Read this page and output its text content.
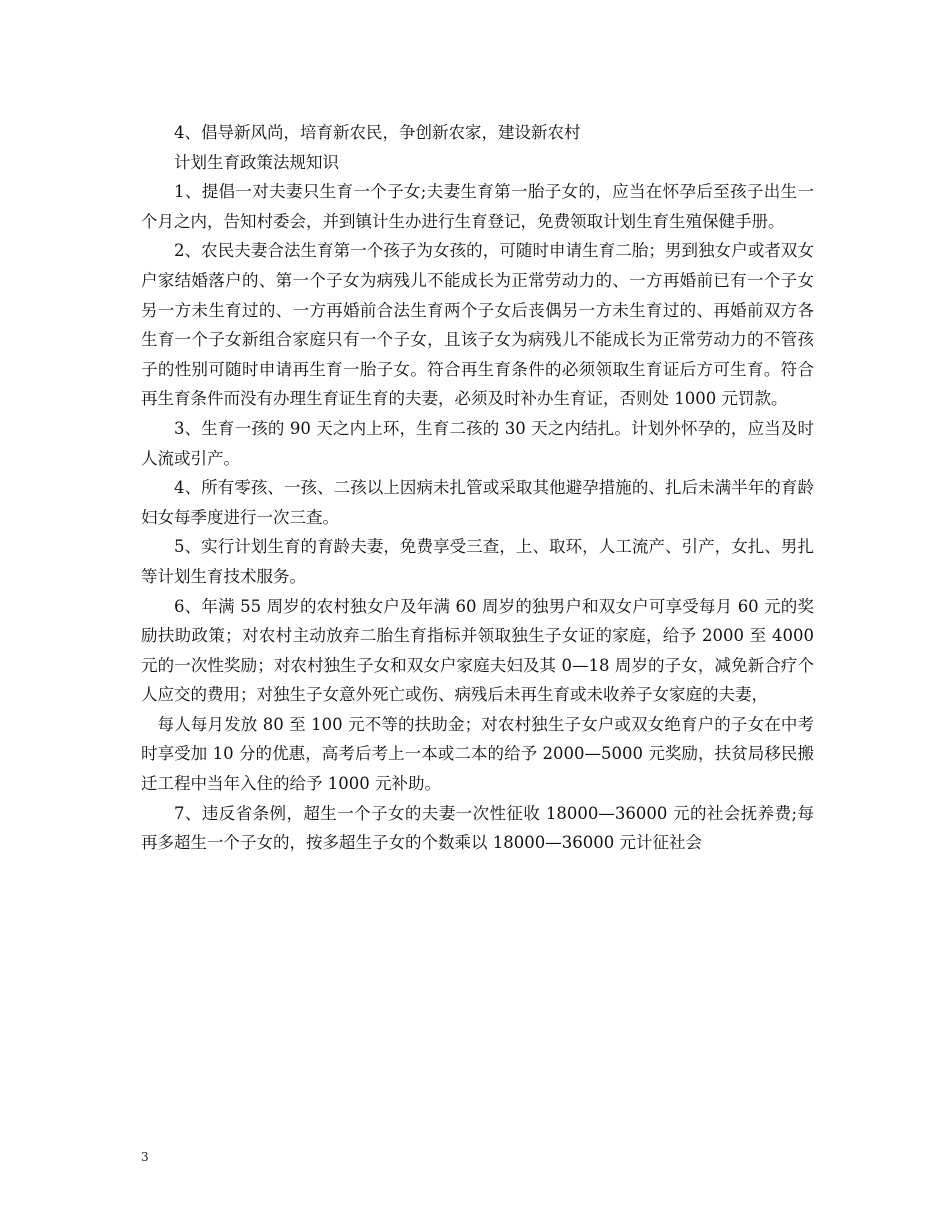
4、倡导新风尚，培育新农民，争创新农家，建设新农村

计划生育政策法规知识

1、提倡一对夫妻只生育一个子女;夫妻生育第一胎子女的，应当在怀孕后至孩子出生一个月之内，告知村委会，并到镇计生办进行生育登记，免费领取计划生育生殖保健手册。

2、农民夫妻合法生育第一个孩子为女孩的，可随时申请生育二胎；男到独女户或者双女户家结婚落户的、第一个子女为病残儿不能成长为正常劳动力的、一方再婚前已有一个子女另一方未生育过的、一方再婚前合法生育两个子女后丧偶另一方未生育过的、再婚前双方各生育一个子女新组合家庭只有一个子女，且该子女为病残儿不能成长为正常劳动力的不管孩子的性别可随时申请再生育一胎子女。符合再生育条件的必须领取生育证后方可生育。符合再生育条件而没有办理生育证生育的夫妻，必须及时补办生育证，否则处 1000 元罚款。

3、生育一孩的 90 天之内上环，生育二孩的 30 天之内结扎。计划外怀孕的，应当及时人流或引产。

4、所有零孩、一孩、二孩以上因病未扎管或采取其他避孕措施的、扎后未满半年的育龄妇女每季度进行一次三查。

5、实行计划生育的育龄夫妻，免费享受三查，上、取环，人工流产、引产，女扎、男扎等计划生育技术服务。

6、年满 55 周岁的农村独女户及年满 60 周岁的独男户和双女户可享受每月 60 元的奖励扶助政策；对农村主动放弃二胎生育指标并领取独生子女证的家庭，给予 2000 至 4000 元的一次性奖励；对农村独生子女和双女户家庭夫妇及其 0—18 周岁的子女，减免新合疗个人应交的费用；对独生子女意外死亡或伤、病残后未再生育或未收养子女家庭的夫妻，

每人每月发放 80 至 100 元不等的扶助金；对农村独生子女户或双女绝育户的子女在中考时享受加 10 分的优惠，高考后考上一本或二本的给予 2000—5000 元奖励，扶贫局移民搬迁工程中当年入住的给予 1000 元补助。

7、违反省条例，超生一个子女的夫妻一次性征收 18000—36000 元的社会抚养费;每再多超生一个子女的，按多超生子女的个数乘以 18000—36000 元计征社会

3
